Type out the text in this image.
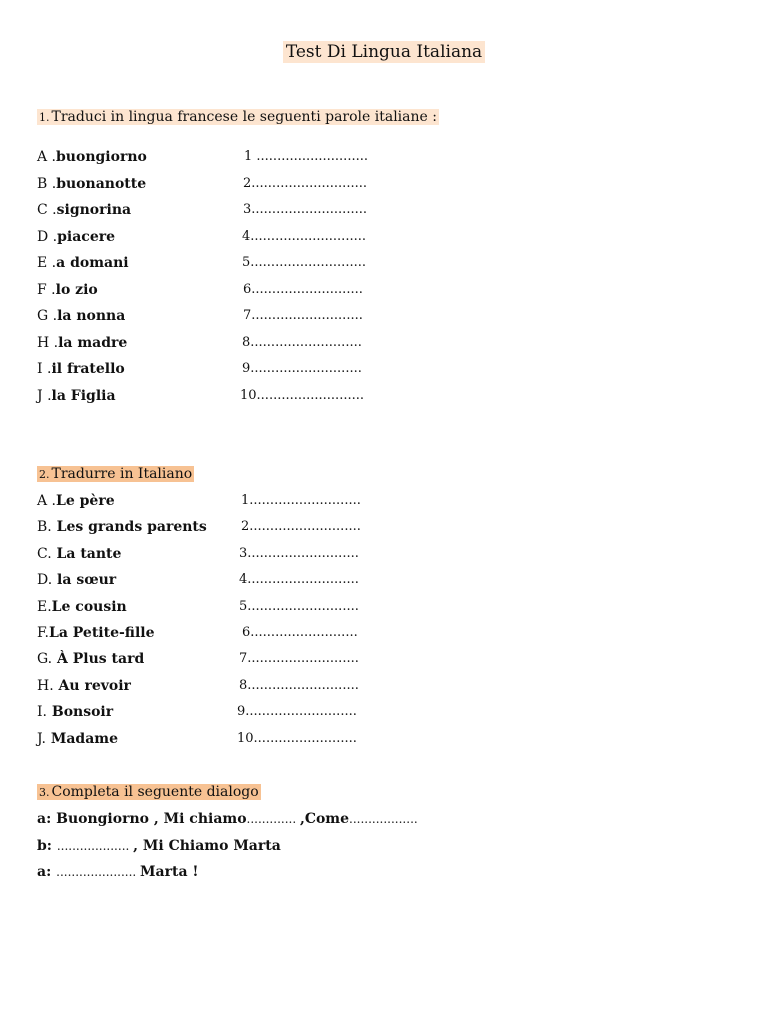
Test Di Lingua Italiana
1. Traduci in lingua francese le seguenti parole italiane :
A .buongiorno	1 ...........................
B .buonanotte	2............................
C .signorina	3............................
D .piacere	4............................
E .a domani	5............................
F .lo zio	6...........................
G .la nonna	7...........................
H .la madre	8...........................
I .il fratello	9...........................
J .la Figlia	10..........................
2. Tradurre in Italiano
A .Le père	1...........................
B. Les grands parents	2...........................
C. La tante	3...........................
D. la sœur	4...........................
E.Le cousin	5...........................
F.La Petite-fille	6..........................
G. À Plus tard	7...........................
H. Au revoir	8...........................
I. Bonsoir	9...........................
J. Madame	10.........................
3. Completa il seguente dialogo
a: Buongiorno , Mi chiamo............. ,Come..................
b: ................... , Mi Chiamo Marta
a: ..................... Marta !
